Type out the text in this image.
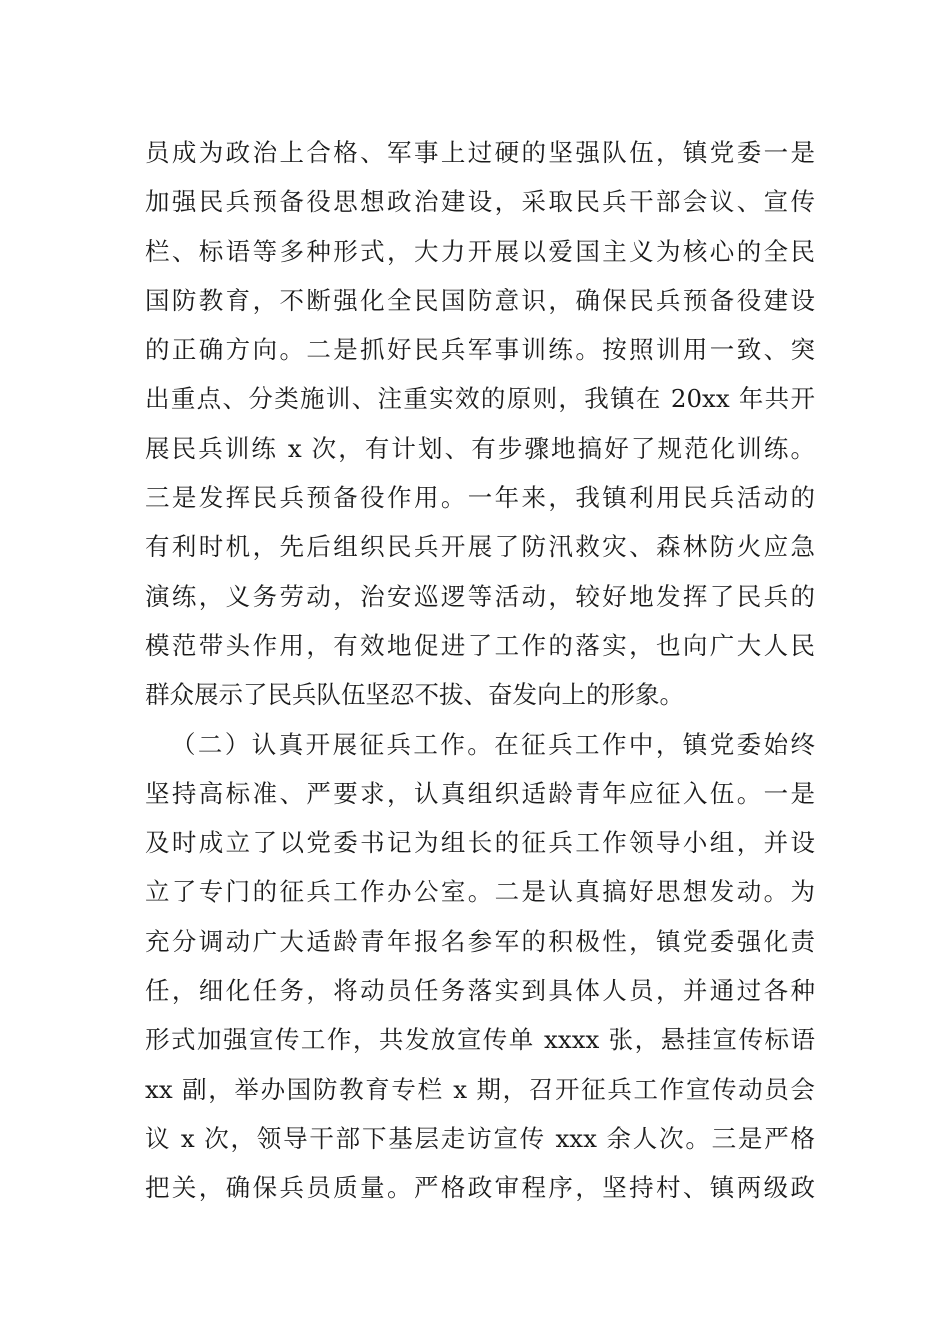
员成为政治上合格、军事上过硬的坚强队伍，镇党委一是
加强民兵预备役思想政治建设，采取民兵干部会议、宣传
栏、标语等多种形式，大力开展以爱国主义为核心的全民
国防教育，不断强化全民国防意识，确保民兵预备役建设
的正确方向。二是抓好民兵军事训练。按照训用一致、突
出重点、分类施训、注重实效的原则，我镇在 20xx 年共开
展民兵训练 x 次，有计划、有步骤地搞好了规范化训练。
三是发挥民兵预备役作用。一年来，我镇利用民兵活动的
有利时机，先后组织民兵开展了防汛救灾、森林防火应急
演练，义务劳动，治安巡逻等活动，较好地发挥了民兵的
模范带头作用，有效地促进了工作的落实，也向广大人民
群众展示了民兵队伍坚忍不拔、奋发向上的形象。
（二）认真开展征兵工作。在征兵工作中，镇党委始终
坚持高标准、严要求，认真组织适龄青年应征入伍。一是
及时成立了以党委书记为组长的征兵工作领导小组，并设
立了专门的征兵工作办公室。二是认真搞好思想发动。为
充分调动广大适龄青年报名参军的积极性，镇党委强化责
任，细化任务，将动员任务落实到具体人员，并通过各种
形式加强宣传工作，共发放宣传单 xxxx 张，悬挂宣传标语
xx 副，举办国防教育专栏 x 期，召开征兵工作宣传动员会
议 x 次，领导干部下基层走访宣传 xxx 余人次。三是严格
把关，确保兵员质量。严格政审程序，坚持村、镇两级政
